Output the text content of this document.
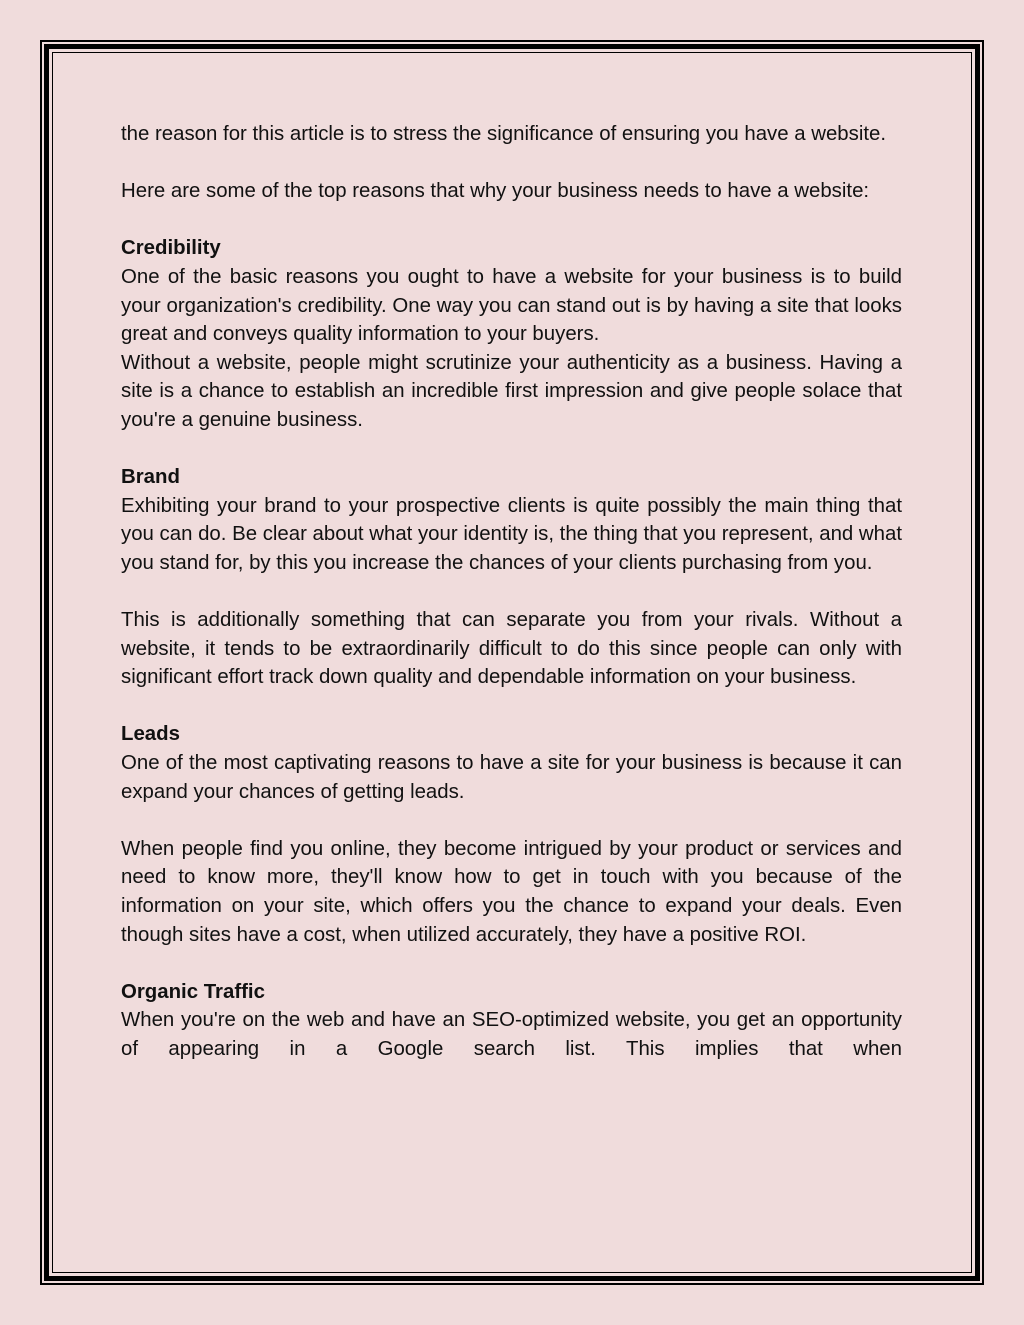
the reason for this article is to stress the significance of ensuring you have a website.

Here are some of the top reasons that why your business needs to have a website:

Credibility

One of the basic reasons you ought to have a website for your business is to build your organization's credibility. One way you can stand out is by having a site that looks great and conveys quality information to your buyers.

Without a website, people might scrutinize your authenticity as a business. Having a site is a chance to establish an incredible first impression and give people solace that you're a genuine business.

Brand

Exhibiting your brand to your prospective clients is quite possibly the main thing that you can do. Be clear about what your identity is, the thing that you represent, and what you stand for, by this you increase the chances of your clients purchasing from you.

This is additionally something that can separate you from your rivals. Without a website, it tends to be extraordinarily difficult to do this since people can only with significant effort track down quality and dependable information on your business.

Leads

One of the most captivating reasons to have a site for your business is because it can expand your chances of getting leads.

When people find you online, they become intrigued by your product or services and need to know more, they'll know how to get in touch with you because of the information on your site, which offers you the chance to expand your deals. Even though sites have a cost, when utilized accurately, they have a positive ROI.

Organic Traffic

When you're on the web and have an SEO-optimized website, you get an opportunity of appearing in a Google search list. This implies that when
